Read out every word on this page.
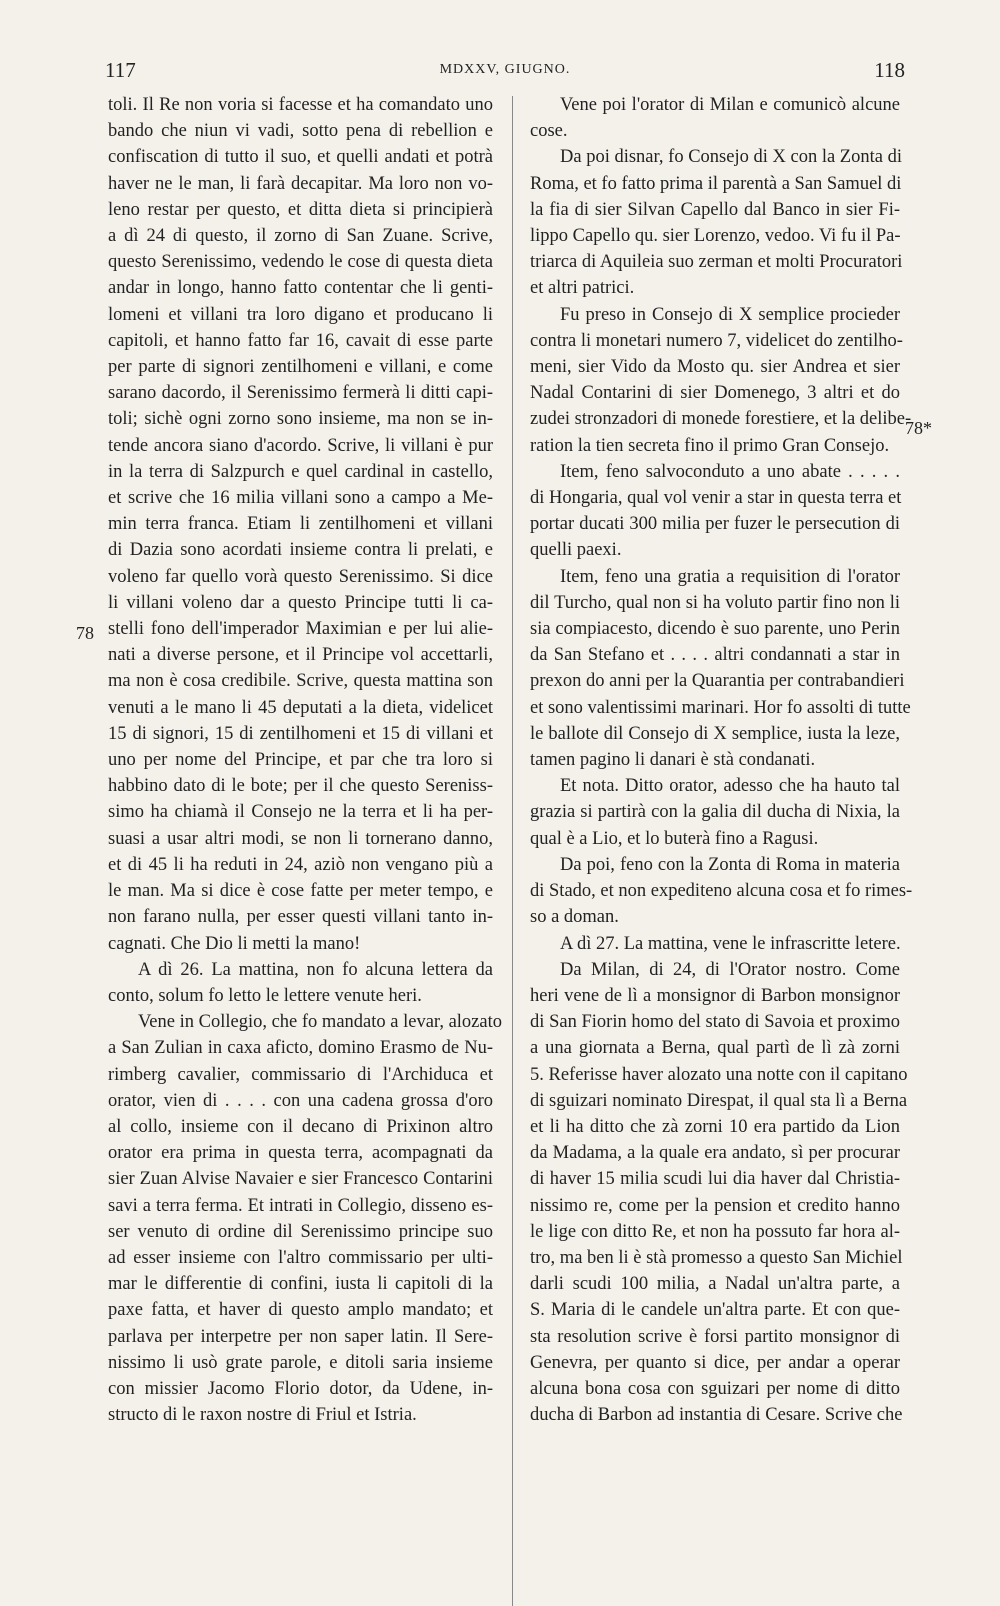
117	MDXXV, GIUGNO.	118
toli. Il Re non voria si facesse et ha comandato uno
bando che niun vi vadi, sotto pena di rebellion e
confiscation di tutto il suo, et quelli andati et potrà
haver ne le man, li farà decapitar. Ma loro non vo-
leno restar per questo, et ditta dieta si principierà
a dì 24 di questo, il zorno di San Zuane. Scrive,
questo Serenissimo, vedendo le cose di questa dieta
andar in longo, hanno fatto contentar che li genti-
lomeni et villani tra loro digano et producano li
capitoli, et hanno fatto far 16, cavait di esse parte
per parte di signori zentilhomeni e villani, e come
sarano dacordo, il Serenissimo fermerà li ditti capi-
toli; sichè ogni zorno sono insieme, ma non se in-
tende ancora siano d'acordo. Scrive, li villani è pur
in la terra di Salzpurch e quel cardinal in castello,
et scrive che 16 milia villani sono a campo a Me-
min terra franca. Etiam li zentilhomeni et villani
di Dazia sono acordati insieme contra li prelati, e
voleno far quello vorà questo Serenissimo. Si dice
li villani voleno dar a questo Principe tutti li ca-
stelli fono dell'imperador Maximian e per lui alie-
nati a diverse persone, et il Principe vol accettarli,
ma non è cosa credibile. Scrive, questa mattina son
venuti a le mano li 45 deputati a la dieta, videlicet
15 di signori, 15 di zentilhomeni et 15 di villani et
uno per nome del Principe, et par che tra loro si
habbino dato di le bote; per il che questo Sereniss-
simo ha chiamà il Consejo ne la terra et li ha per-
suasi a usar altri modi, se non li tornerano danno,
et di 45 li ha reduti in 24, aziò non vengano più a
le man. Ma si dice è cose fatte per meter tempo, e
non farano nulla, per esser questi villani tanto in-
cagnati. Che Dio li metti la mano!
A dì 26. La mattina, non fo alcuna lettera da
conto, solum fo letto le lettere venute heri.
Vene in Collegio, che fo mandato a levar, alozato
a San Zulian in caxa aficto, domino Erasmo de Nu-
rimberg cavalier, commissario di l'Archiduca et
orator, vien di . . . . con una cadena grossa d'oro
al collo, insieme con il decano di Prixinon altro
orator era prima in questa terra, acompagnati da
sier Zuan Alvise Navaier e sier Francesco Contarini
savi a terra ferma. Et intrati in Collegio, disseno es-
ser venuto di ordine dil Serenissimo principe suo
ad esser insieme con l'altro commissario per ulti-
mar le differentie di confini, iusta li capitoli di la
paxe fatta, et haver di questo amplo mandato; et
parlava per interpetre per non saper latin. Il Sere-
nissimo li usò grate parole, e ditoli saria insieme
con missier Jacomo Florio dotor, da Udene, in-
structo di le raxon nostre di Friul et Istria.
Vene poi l'orator di Milan e comunicò alcune
cose.
Da poi disnar, fo Consejo di X con la Zonta di
Roma, et fo fatto prima il parentà a San Samuel di
la fia di sier Silvan Capello dal Banco in sier Fi-
lippo Capello qu. sier Lorenzo, vedoo. Vi fu il Pa-
triarca di Aquileia suo zerman et molti Procuratori
et altri patrici.
Fu preso in Consejo di X semplice procieder
contra li monetari numero 7, videlicet do zentilho-
meni, sier Vido da Mosto qu. sier Andrea et sier
Nadal Contarini di sier Domenego, 3 altri et do
zudei stronzadori di monede forestiere, et la delibe-
ration la tien secreta fino il primo Gran Consejo.
Item, feno salvoconduto a uno abate . . . . .
di Hongaria, qual vol venir a star in questa terra et
portar ducati 300 milia per fuzer le persecution di
quelli paexi.
Item, feno una gratia a requisition di l'orator
dil Turcho, qual non si ha voluto partir fino non li
sia compiacesto, dicendo è suo parente, uno Perin
da San Stefano et . . . . altri condannati a star in
prexon do anni per la Quarantia per contrabandieri
et sono valentissimi marinari. Hor fo assolti di tutte
le ballote dil Consejo di X semplice, iusta la leze,
tamen pagino li danari è stà condanati.
Et nota. Ditto orator, adesso che ha hauto tal
grazia si partirà con la galia dil ducha di Nixia, la
qual è a Lio, et lo buterà fino a Ragusi.
Da poi, feno con la Zonta di Roma in materia
di Stado, et non expediteno alcuna cosa et fo rimes-
so a doman.
A dì 27. La mattina, vene le infrascritte letere.
Da Milan, di 24, di l'Orator nostro. Come
heri vene de lì a monsignor di Barbon monsignor
di San Fiorin homo del stato di Savoia et proximo
a una giornata a Berna, qual partì de lì zà zorni
5. Referisse haver alozato una notte con il capitano
di sguizari nominato Direspat, il qual sta lì a Berna
et li ha ditto che zà zorni 10 era partido da Lion
da Madama, a la quale era andato, sì per procurar
di haver 15 milia scudi lui dia haver dal Christia-
nissimo re, come per la pension et credito hanno
le lige con ditto Re, et non ha possuto far hora al-
tro, ma ben li è stà promesso a questo San Michiel
darli scudi 100 milia, a Nadal un'altra parte, a
S. Maria di le candele un'altra parte. Et con que-
sta resolution scrive è forsi partito monsignor di
Genevra, per quanto si dice, per andar a operar
alcuna bona cosa con sguizari per nome di ditto
ducha di Barbon ad instantia di Cesare. Scrive che
78
78*
